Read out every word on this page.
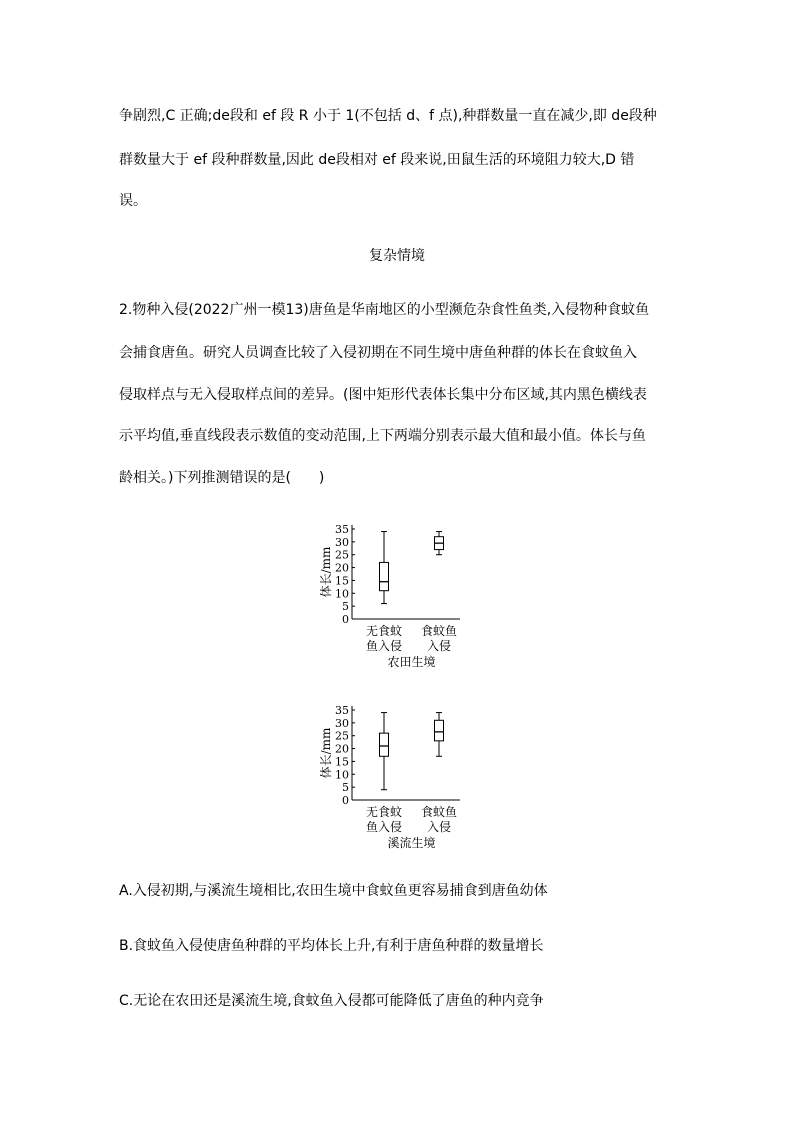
争剧烈,C 正确;de段和 ef 段 R 小于 1(不包括 d、f 点),种群数量一直在减少,即 de段种
群数量大于 ef 段种群数量,因此 de段相对 ef 段来说,田鼠生活的环境阻力较大,D 错
误。
复杂情境
2.物种入侵(2022广州一模13)唐鱼是华南地区的小型濒危杂食性鱼类,入侵物种食蚊鱼
会捕食唐鱼。研究人员调查比较了入侵初期在不同生境中唐鱼种群的体长在食蚊鱼入
侵取样点与无入侵取样点间的差异。(图中矩形代表体长集中分布区域,其内黑色横线表
示平均值,垂直线段表示数值的变动范围,上下两端分别表示最大值和最小值。体长与鱼
龄相关。)下列推测错误的是(　　)
0
5
10
15
20
25
30
35
体长/mm
无食蚊
鱼入侵
食蚊鱼
入侵
农田生境
0
5
10
15
20
25
30
35
体长/mm
无食蚊
鱼入侵
食蚊鱼
入侵
溪流生境
A.入侵初期,与溪流生境相比,农田生境中食蚊鱼更容易捕食到唐鱼幼体
B.食蚊鱼入侵使唐鱼种群的平均体长上升,有利于唐鱼种群的数量增长
C.无论在农田还是溪流生境,食蚊鱼入侵都可能降低了唐鱼的种内竞争
